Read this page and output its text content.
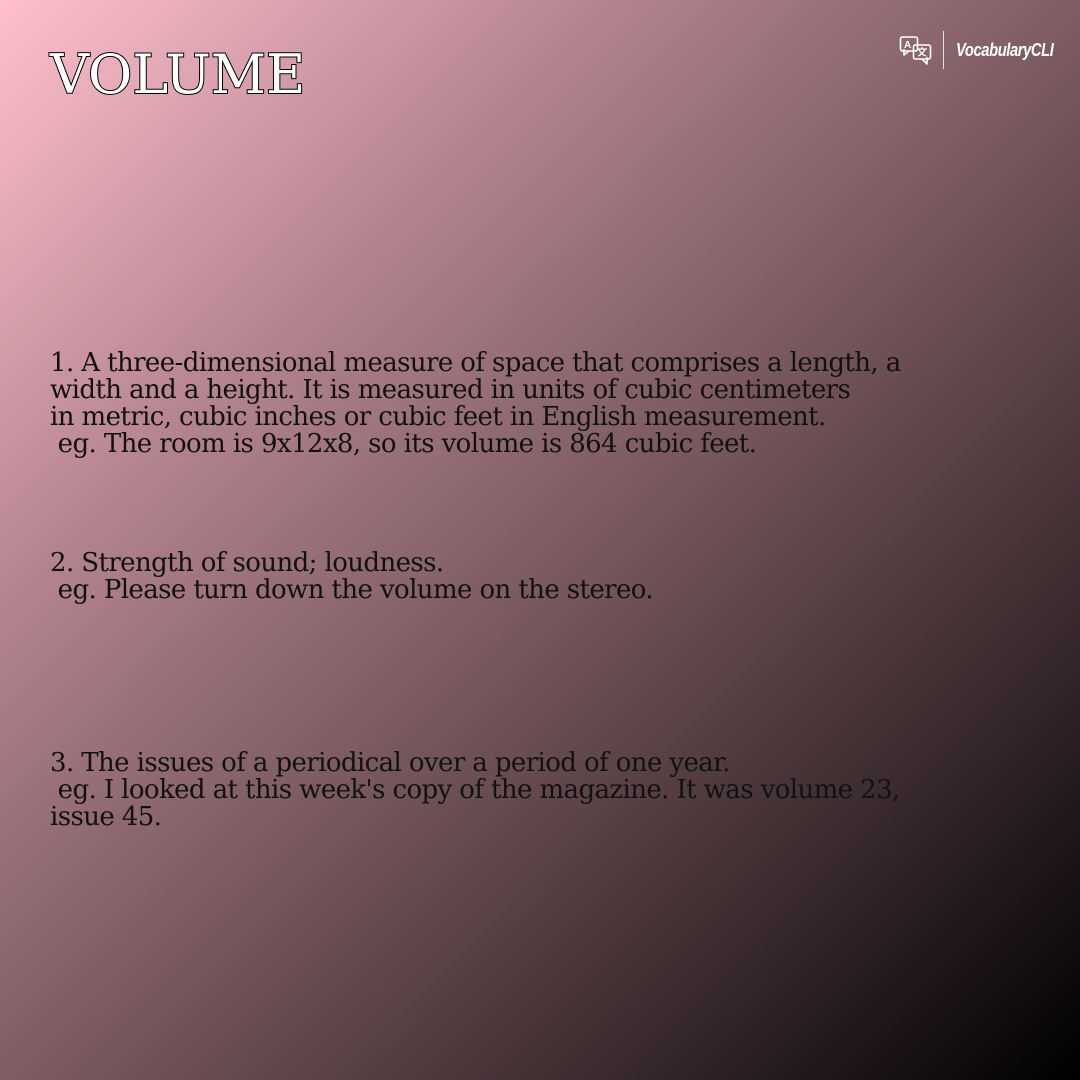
VOLUME	A VocabularyCLI
1. A three-dimensional measure of space that comprises a length, a
width and a height. It is measured in units of cubic centimeters
in metric, cubic inches or cubic feet in English measurement.
eg. The room is 9x12x8, so its volume is 864 cubic feet.
2. Strength of sound; loudness.
eg. Please turn down the volume on the stereo.
3. The issues of a periodical over a period of one year.
eg. I looked at this week's copy of the magazine. It was volume 23,
issue 45.
